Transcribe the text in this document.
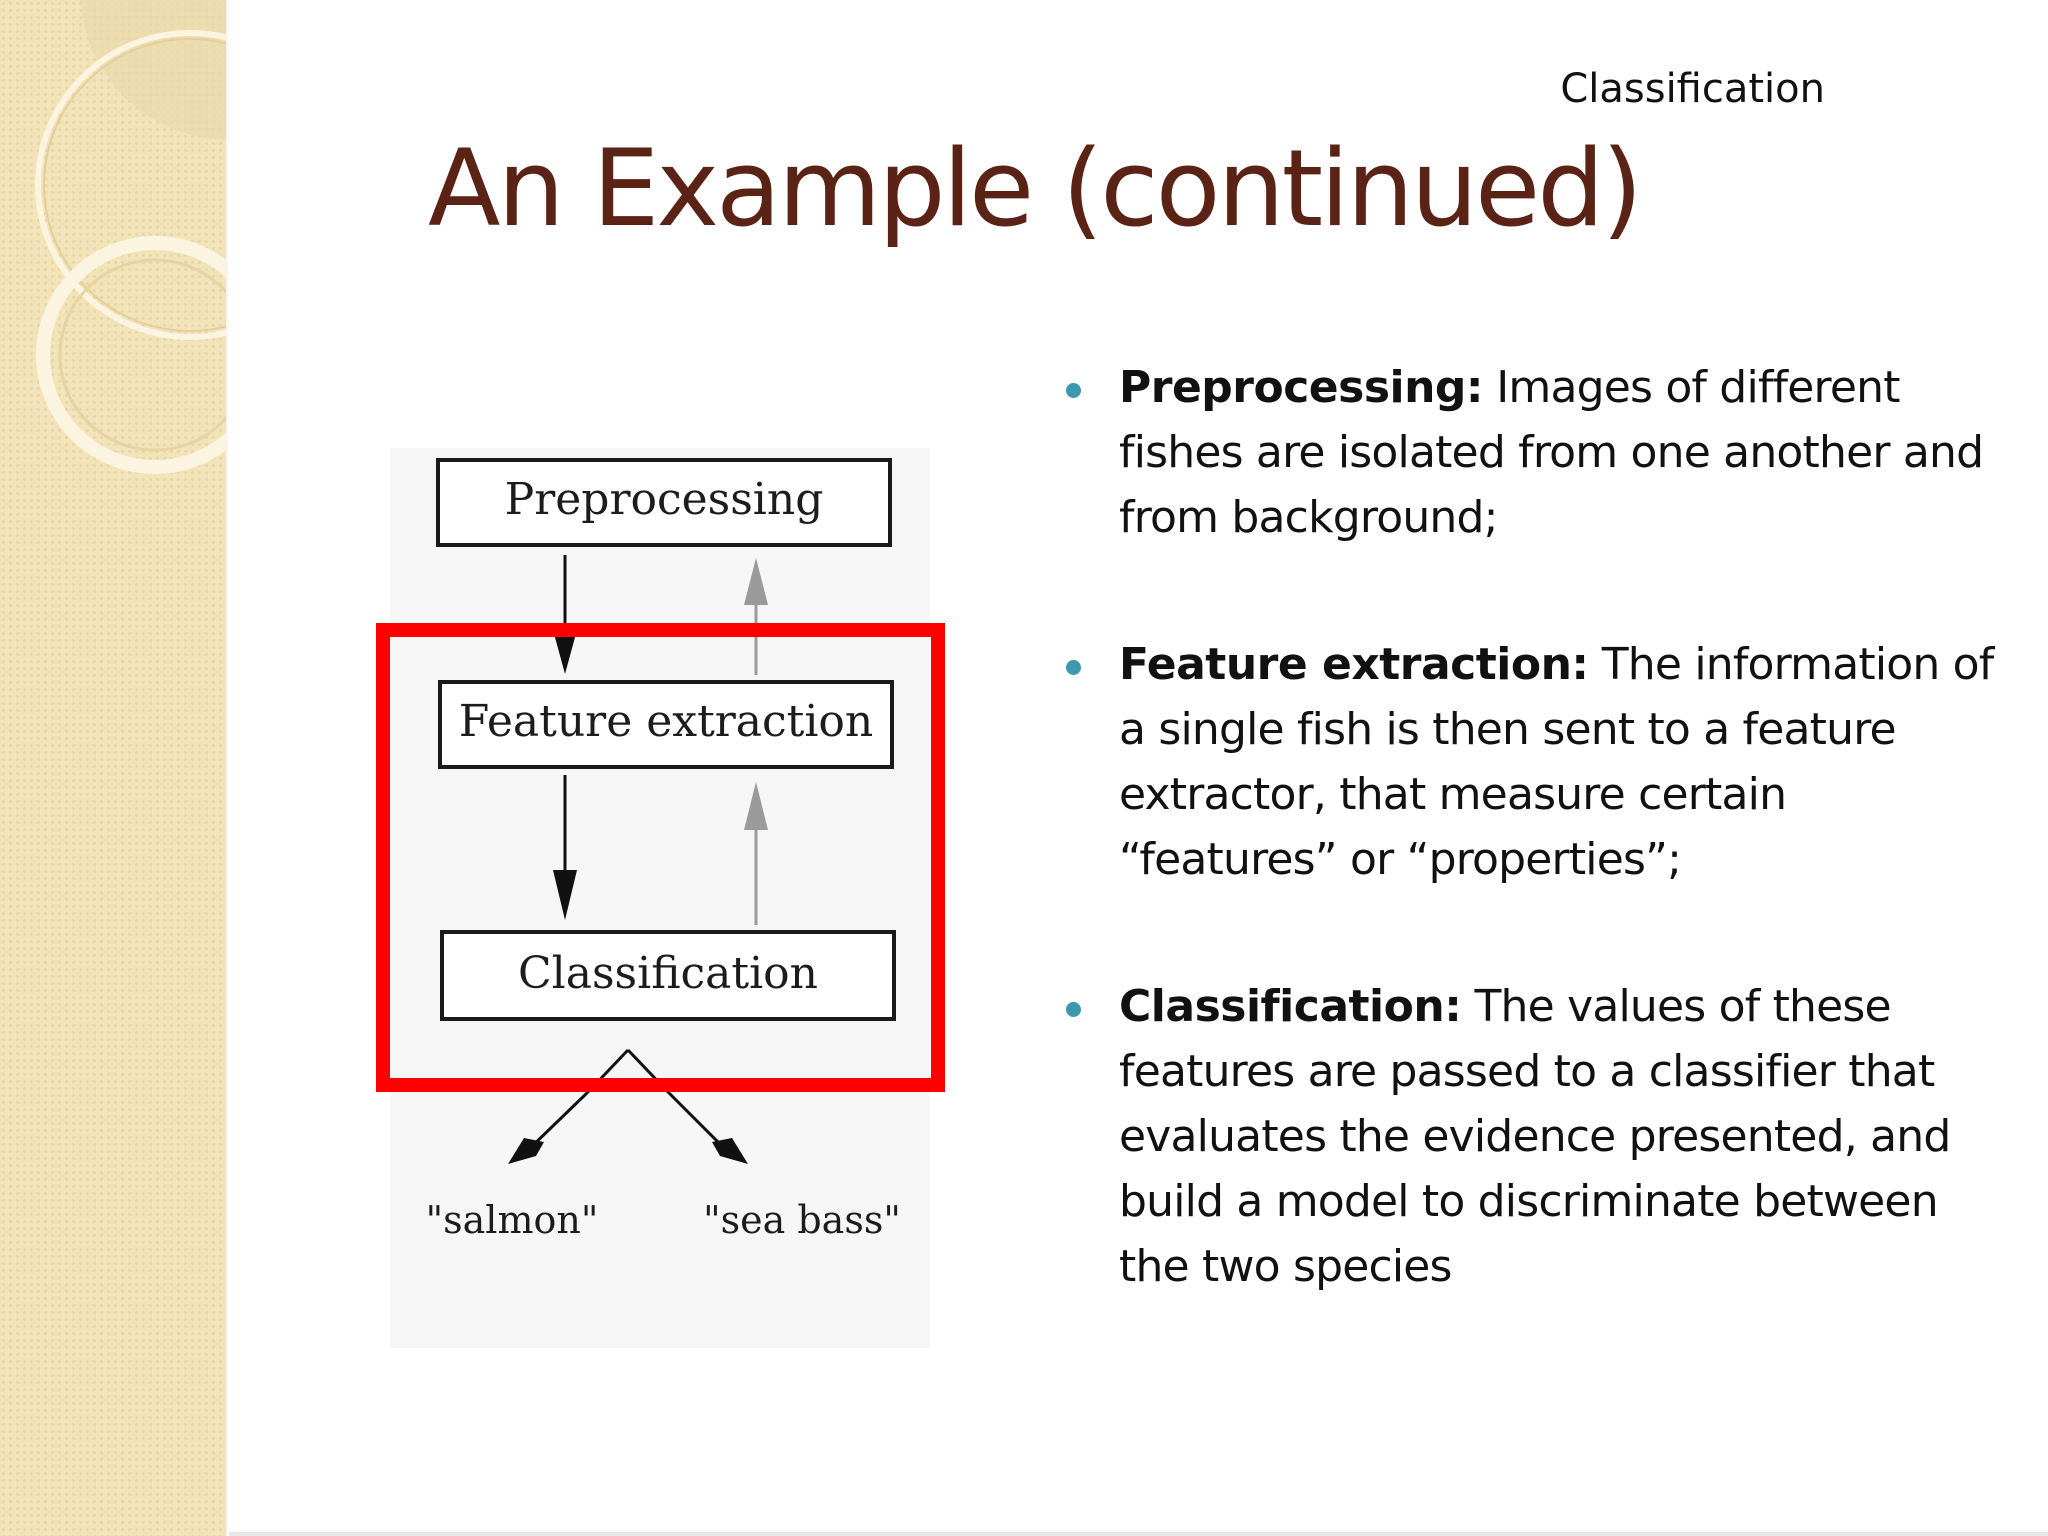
Classification
An Example (continued)
Preprocessing
Feature extraction
Classification
"salmon"	"sea bass"
Preprocessing: Images of different fishes are isolated from one another and from background;
Feature extraction: The information of a single fish is then sent to a feature extractor, that measure certain “features” or “properties”;
Classification: The values of these features are passed to a classifier that evaluates the evidence presented, and build a model to discriminate between the two species
